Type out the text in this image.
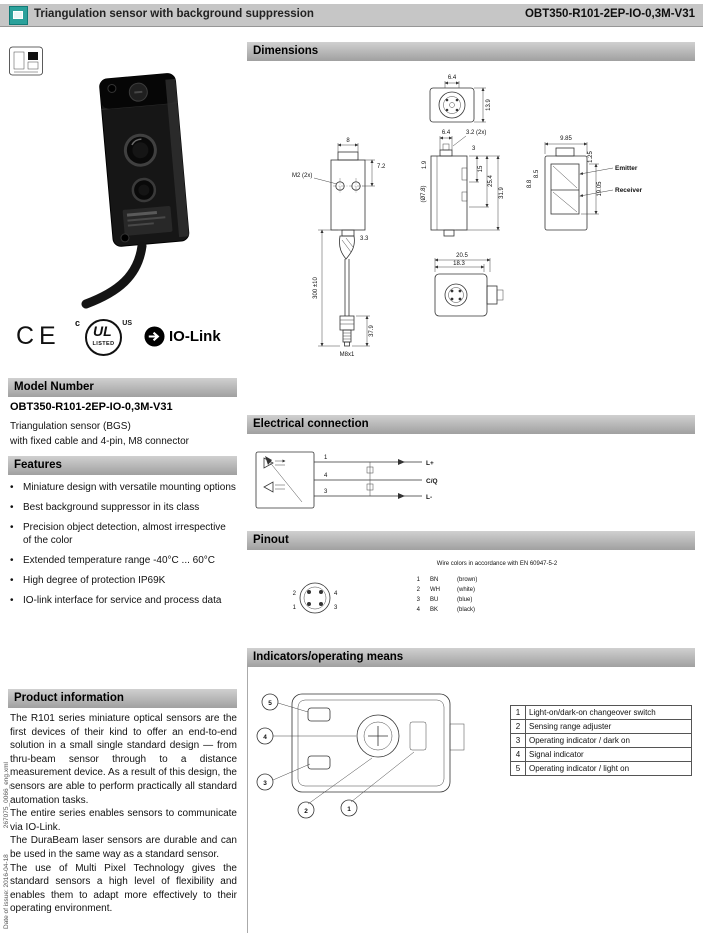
Triangulation sensor with background suppression	OBT350-R101-2EP-IO-0,3M-V31
CE c UL
LISTED
US
IO-Link
Model Number
OBT350-R101-2EP-IO-0,3M-V31
Triangulation sensor (BGS)
with fixed cable and 4-pin, M8 connector
Features
• Miniature design with versatile mounting options
• Best background suppressor in its class
• Precision object detection, almost irrespective of the color
• Extended temperature range -40°C ... 60°C
• High degree of protection IP69K
• IO-link interface for service and process data
Product information

The R101 series miniature optical sensors are the first devices of their kind to offer an end-to-end solution in a small single standard design — from thru-beam sensor through to a distance measurement device. As a result of this design, the sensors are able to perform practically all standard automation tasks.

The entire series enables sensors to communicate via IO-Link.

The DuraBeam laser sensors are durable and can be used in the same way as a standard sensor.

The use of Multi Pixel Technology gives the standard sensors a high level of flexibility and enables them to adapt more effectively to their operating environment.

Dimensions
6.4
13.9
8
7.2
M2 (2x)
3.3
M8x1
300 ±10
37.9
6.4	3.2 (2x)
3
15
25.4
31.9
(Ø7.8)
1.9
9.85
8.5
8.8	19.05
1.25
Emitter
Receiver
20.5
18.3
Electrical connection
1
4
3
L+
C/Q
L-
Pinout
Wire colors in accordance with EN 60947-5-2
2
1
4
3
1 BN	(brown)
2 WH	(white)
3 BU	(blue)
4 BK	(black)
Indicators/operating means
5
4
3
2	1
1	Light-on/dark-on changeover switch
2	Sensing range adjuster
3	Operating indicator / dark on
4	Signal indicator
5	Operating indicator / light on
Date of issue: 2016-04-18267075_0066_eng.xml
